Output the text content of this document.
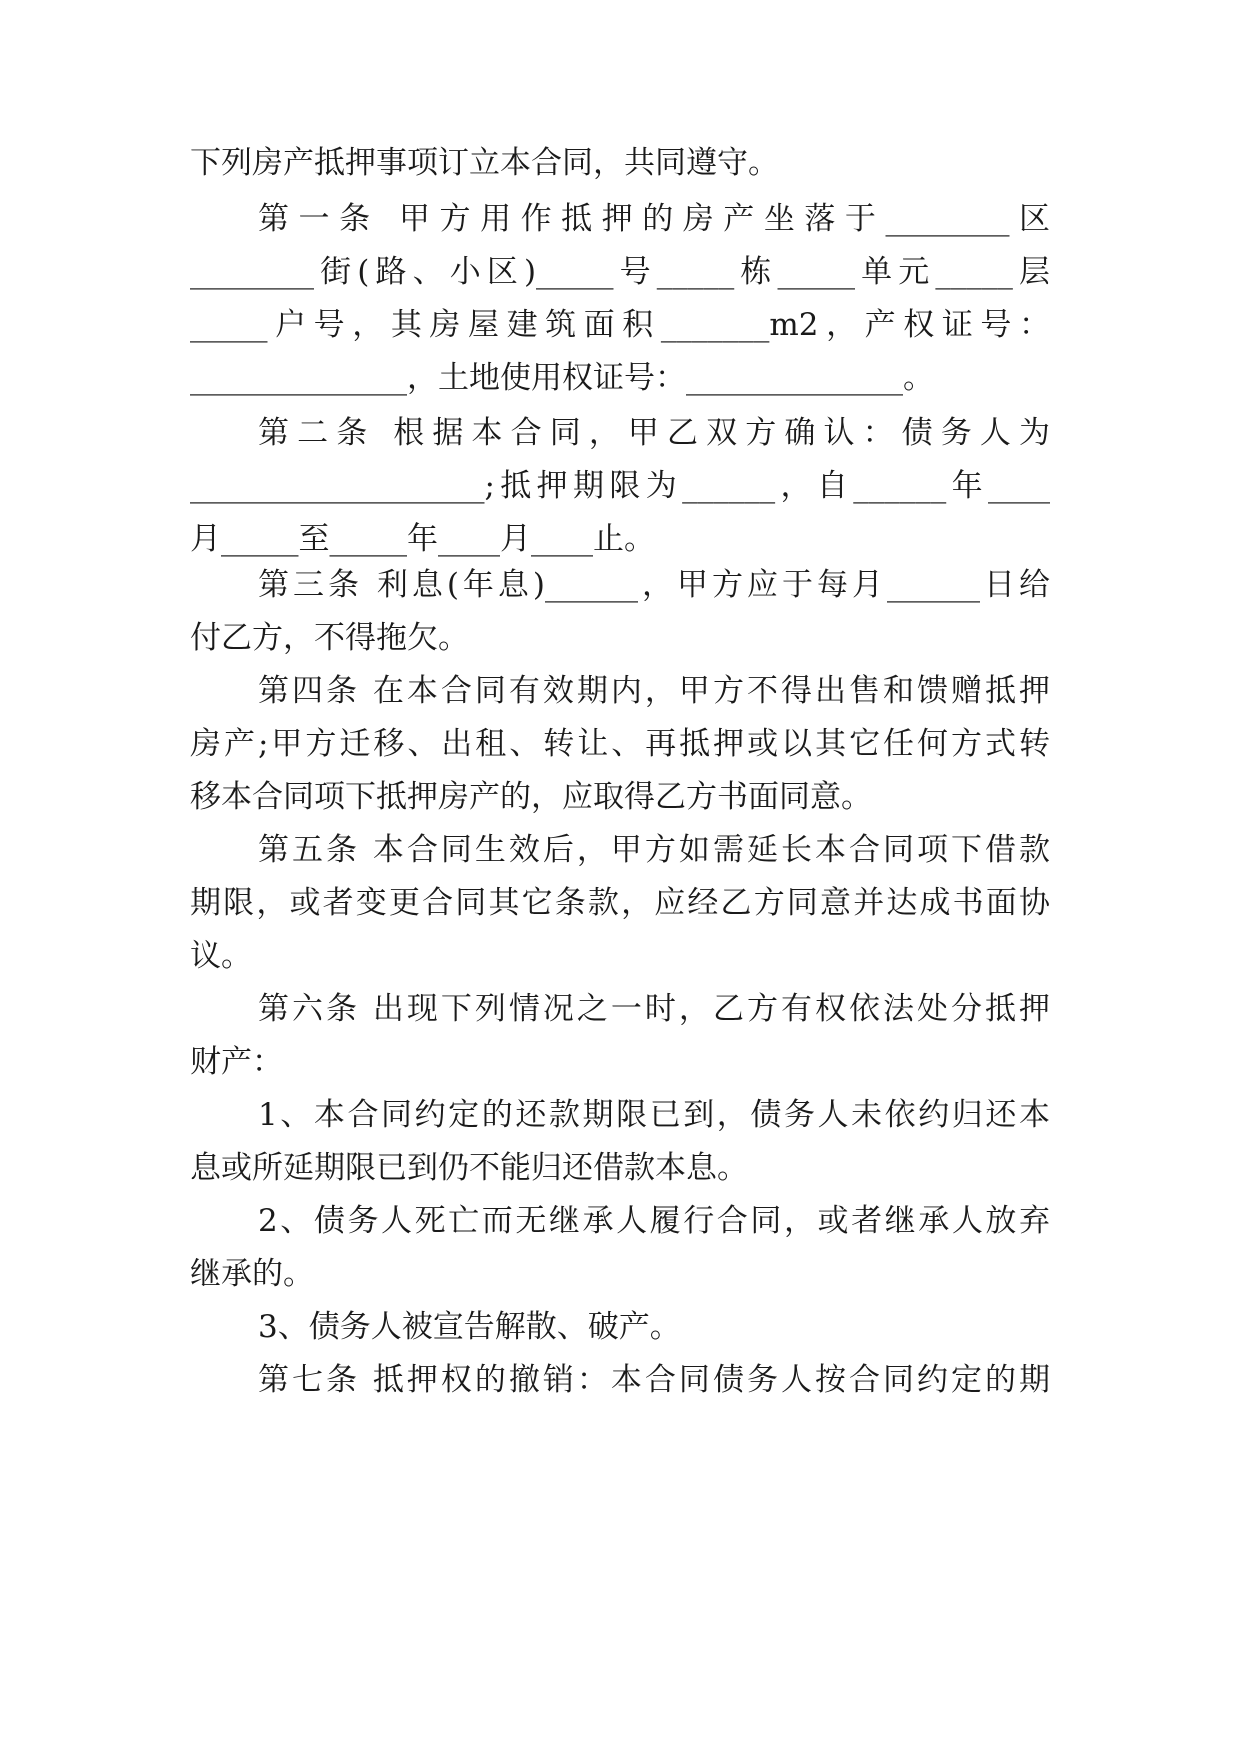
下列房产抵押事项订立本合同，共同遵守。
第一条 甲方用作抵押的房产坐落于________区
________街(路、小区)_____号_____栋_____单元_____层
_____户号，其房屋建筑面积_______m2，产权证号：
______________，土地使用权证号：______________。
第二条 根据本合同，甲乙双方确认：债务人为
___________________;抵押期限为______，自______年____
月_____至_____年____月____止。
第三条 利息(年息)______，甲方应于每月______日给
付乙方，不得拖欠。
第四条 在本合同有效期内，甲方不得出售和馈赠抵押
房产;甲方迁移、出租、转让、再抵押或以其它任何方式转
移本合同项下抵押房产的，应取得乙方书面同意。
第五条 本合同生效后，甲方如需延长本合同项下借款
期限，或者变更合同其它条款，应经乙方同意并达成书面协
议。
第六条 出现下列情况之一时，乙方有权依法处分抵押
财产：
1、本合同约定的还款期限已到，债务人未依约归还本
息或所延期限已到仍不能归还借款本息。
2、债务人死亡而无继承人履行合同，或者继承人放弃
继承的。
3、债务人被宣告解散、破产。
第七条 抵押权的撤销：本合同债务人按合同约定的期
